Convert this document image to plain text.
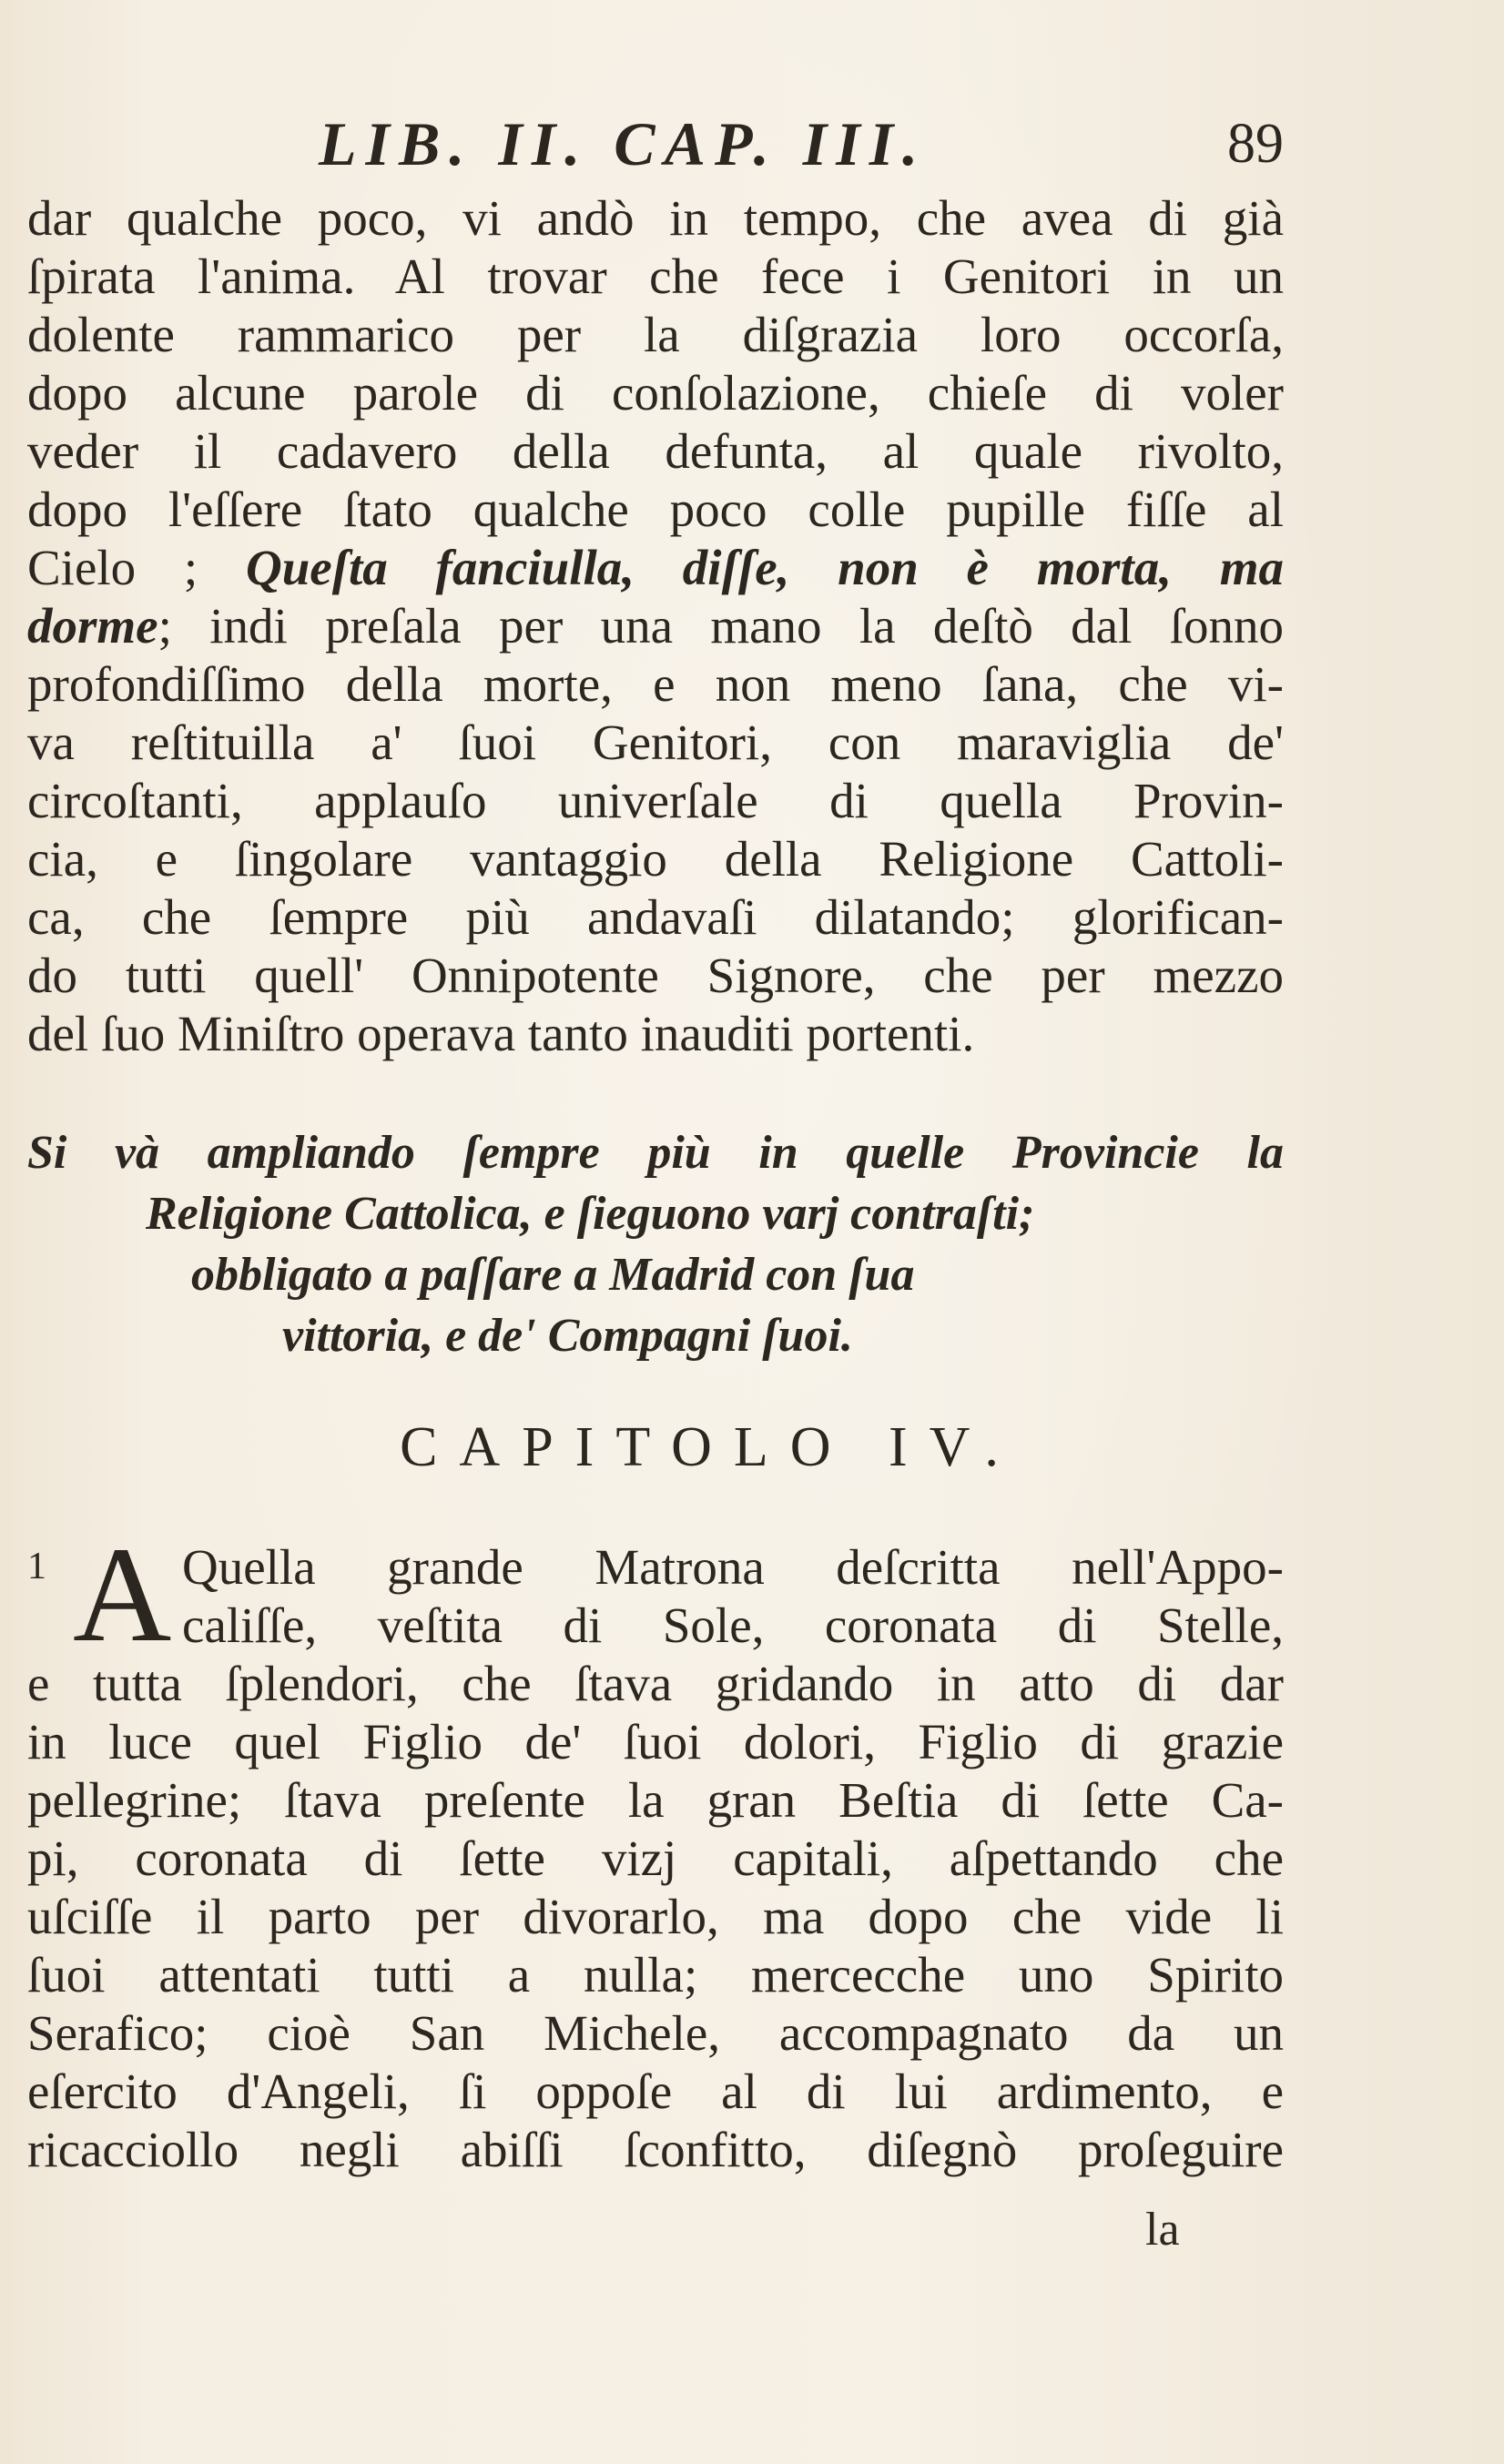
LIB. II. CAP. III.	89
dar qualche poco, vi andò in tempo, che avea di già
ſpirata l'anima. Al trovar che fece i Genitori in un
dolente rammarico per la diſgrazia loro occorſa,
dopo alcune parole di conſolazione, chieſe di voler
veder il cadavero della defunta, al quale rivolto,
dopo l'eſſere ſtato qualche poco colle pupille fiſſe al
Cielo ; Queſta fanciulla, diſſe, non è morta, ma
dorme; indi preſala per una mano la deſtò dal ſonno
profondiſſimo della morte, e non meno ſana, che vi-
va reſtituilla a' ſuoi Genitori, con maraviglia de'
circoſtanti, applauſo univerſale di quella Provin-
cia, e ſingolare vantaggio della Religione Cattoli-
ca, che ſempre più andavaſi dilatando; glorifican-
do tutti quell' Onnipotente Signore, che per mezzo
del ſuo Miniſtro operava tanto inauditi portenti.
Si và ampliando ſempre più in quelle Provincie la
Religione Cattolica, e ſieguono varj contraſti;
obbligato a paſſare a Madrid con ſua
vittoria, e de' Compagni ſuoi.
CAPITOLO IV.
1 A Quella grande Matrona deſcritta nell'Appo-
caliſſe, veſtita di Sole, coronata di Stelle,
e tutta ſplendori, che ſtava gridando in atto di dar
in luce quel Figlio de' ſuoi dolori, Figlio di grazie
pellegrine; ſtava preſente la gran Beſtia di ſette Ca-
pi, coronata di ſette vizj capitali, aſpettando che
uſciſſe il parto per divorarlo, ma dopo che vide li
ſuoi attentati tutti a nulla; mercecche uno Spirito
Serafico; cioè San Michele, accompagnato da un
eſercito d'Angeli, ſi oppoſe al di lui ardimento, e
ricacciollo negli abiſſi ſconfitto, diſegnò proſeguire
la
